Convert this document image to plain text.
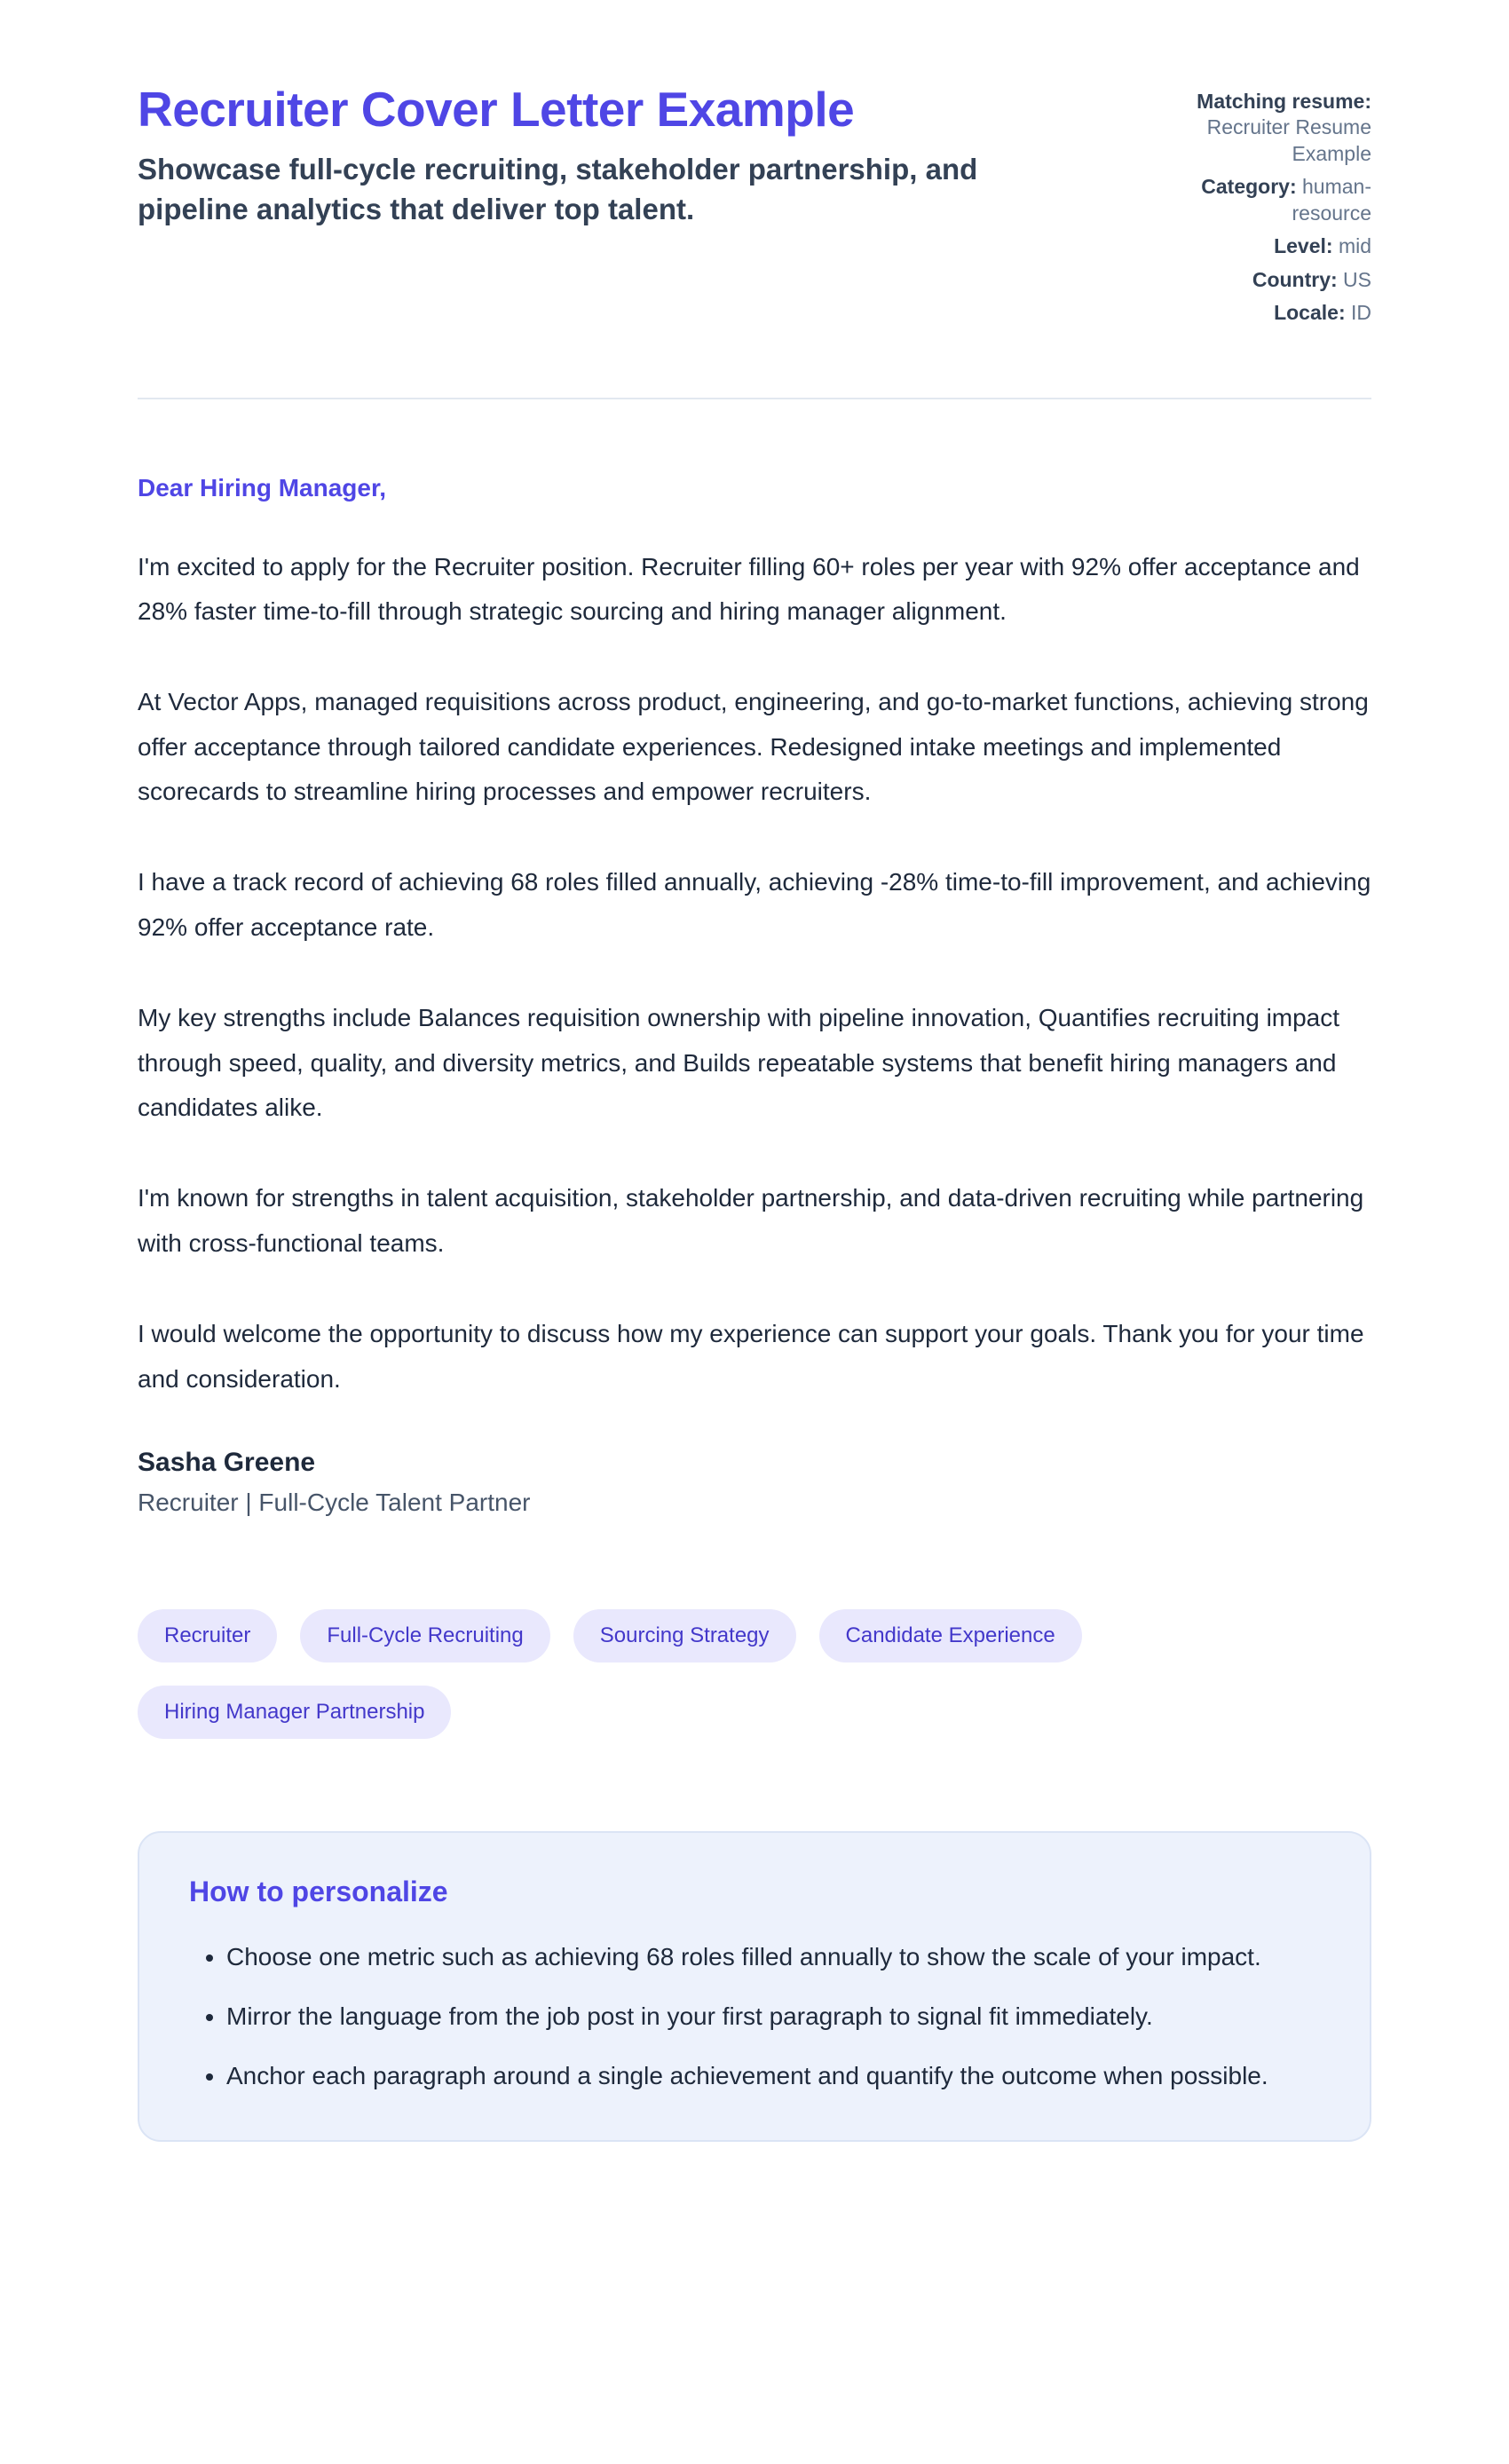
Recruiter Cover Letter Example
Showcase full-cycle recruiting, stakeholder partnership, and pipeline analytics that deliver top talent.
Matching resume: Recruiter Resume Example
Category: human-resource
Level: mid
Country: US
Locale: ID

Dear Hiring Manager,

I'm excited to apply for the Recruiter position. Recruiter filling 60+ roles per year with 92% offer acceptance and 28% faster time-to-fill through strategic sourcing and hiring manager alignment.

At Vector Apps, managed requisitions across product, engineering, and go-to-market functions, achieving strong offer acceptance through tailored candidate experiences. Redesigned intake meetings and implemented scorecards to streamline hiring processes and empower recruiters.

I have a track record of achieving 68 roles filled annually, achieving -28% time-to-fill improvement, and achieving 92% offer acceptance rate.

My key strengths include Balances requisition ownership with pipeline innovation, Quantifies recruiting impact through speed, quality, and diversity metrics, and Builds repeatable systems that benefit hiring managers and candidates alike.

I'm known for strengths in talent acquisition, stakeholder partnership, and data-driven recruiting while partnering with cross-functional teams.

I would welcome the opportunity to discuss how my experience can support your goals. Thank you for your time and consideration.

Sasha Greene

Recruiter | Full-Cycle Talent Partner

Recruiter	Full-Cycle Recruiting	Sourcing Strategy	Candidate Experience
Hiring Manager Partnership
How to personalize
• Choose one metric such as achieving 68 roles filled annually to show the scale of your impact.
• Mirror the language from the job post in your first paragraph to signal fit immediately.
• Anchor each paragraph around a single achievement and quantify the outcome when possible.
